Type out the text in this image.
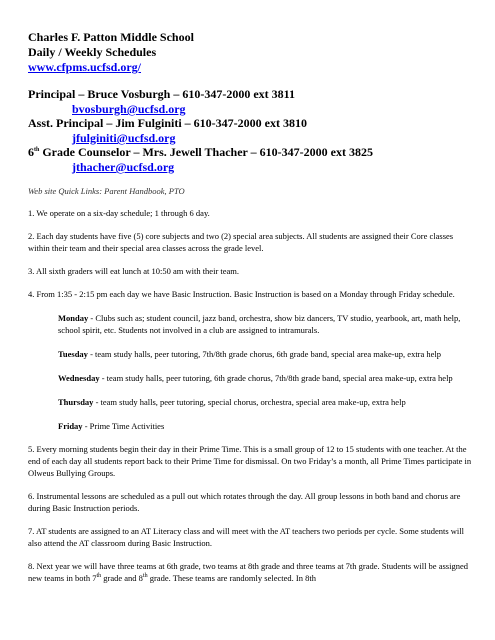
Charles F. Patton Middle School
Daily / Weekly Schedules
www.cfpms.ucfsd.org/
Principal – Bruce Vosburgh – 610-347-2000 ext 3811
bvosburgh@ucfsd.org
Asst. Principal – Jim Fulginiti – 610-347-2000 ext 3810
jfulginiti@ucfsd.org
6th Grade Counselor – Mrs. Jewell Thacher – 610-347-2000 ext 3825
jthacher@ucfsd.org
Web site Quick Links: Parent Handbook, PTO
1. We operate on a six-day schedule; 1 through 6 day.
2. Each day students have five (5) core subjects and two (2) special area subjects. All students are assigned their Core classes within their team and their special area classes across the grade level.
3. All sixth graders will eat lunch at 10:50 am with their team.
4. From 1:35 - 2:15 pm each day we have Basic Instruction. Basic Instruction is based on a Monday through Friday schedule.
Monday - Clubs such as; student council, jazz band, orchestra, show biz dancers, TV studio, yearbook, art, math help, school spirit, etc. Students not involved in a club are assigned to intramurals.
Tuesday - team study halls, peer tutoring, 7th/8th grade chorus, 6th grade band, special area make-up, extra help
Wednesday - team study halls, peer tutoring, 6th grade chorus, 7th/8th grade band, special area make-up, extra help
Thursday - team study halls, peer tutoring, special chorus, orchestra, special area make-up, extra help
Friday - Prime Time Activities
5. Every morning students begin their day in their Prime Time. This is a small group of 12 to 15 students with one teacher. At the end of each day all students report back to their Prime Time for dismissal. On two Friday’s a month, all Prime Times participate in Olweus Bullying Groups.
6. Instrumental lessons are scheduled as a pull out which rotates through the day. All group lessons in both band and chorus are during Basic Instruction periods.
7. AT students are assigned to an AT Literacy class and will meet with the AT teachers two periods per cycle. Some students will also attend the AT classroom during Basic Instruction.
8. Next year we will have three teams at 6th grade, two teams at 8th grade and three teams at 7th grade. Students will be assigned new teams in both 7th grade and 8th grade. These teams are randomly selected. In 8th
